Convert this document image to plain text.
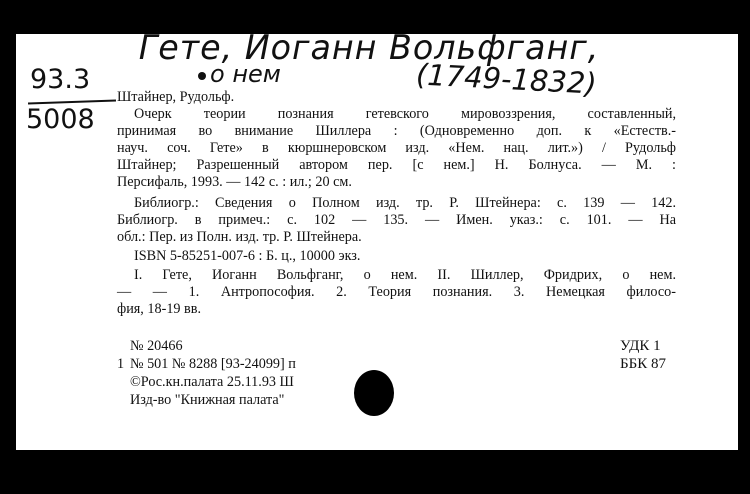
Гете, Иоганн Вольфганг,
о нем	(1749-1832)
93.3
5008
Штайнер, Рудольф.
Очерк теории познания гетевского мировоззрения, составленный,
принимая во внимание Шиллера : (Одновременно доп. к «Естеств.-
науч. соч. Гете» в кюршнеровском изд. «Нем. нац. лит.») / Рудольф
Штайнер; Разрешенный автором пер. [с нем.] Н. Болнуса. — М. :
Персифаль, 1993. — 142 с. : ил.; 20 см.
Библиогр.: Сведения о Полном изд. тр. Р. Штейнера: с. 139 — 142.
Библиогр. в примеч.: с. 102 — 135. — Имен. указ.: с. 101. — На
обл.: Пер. из Полн. изд. тр. Р. Штейнера.
ISBN 5-85251-007-6 : Б. ц., 10000 экз.
I. Гете, Иоганн Вольфганг, о нем. II. Шиллер, Фридрих, о нем.
— — 1. Антропософия. 2. Теория познания. 3. Немецкая филосо-
фия, 18-19 вв.
№ 20466
1 № 501 № 8288 [93-24099] п
©Рос.кн.палата 25.11.93 Ш
Изд-во "Книжная палата"
УДК 1
ББК 87
